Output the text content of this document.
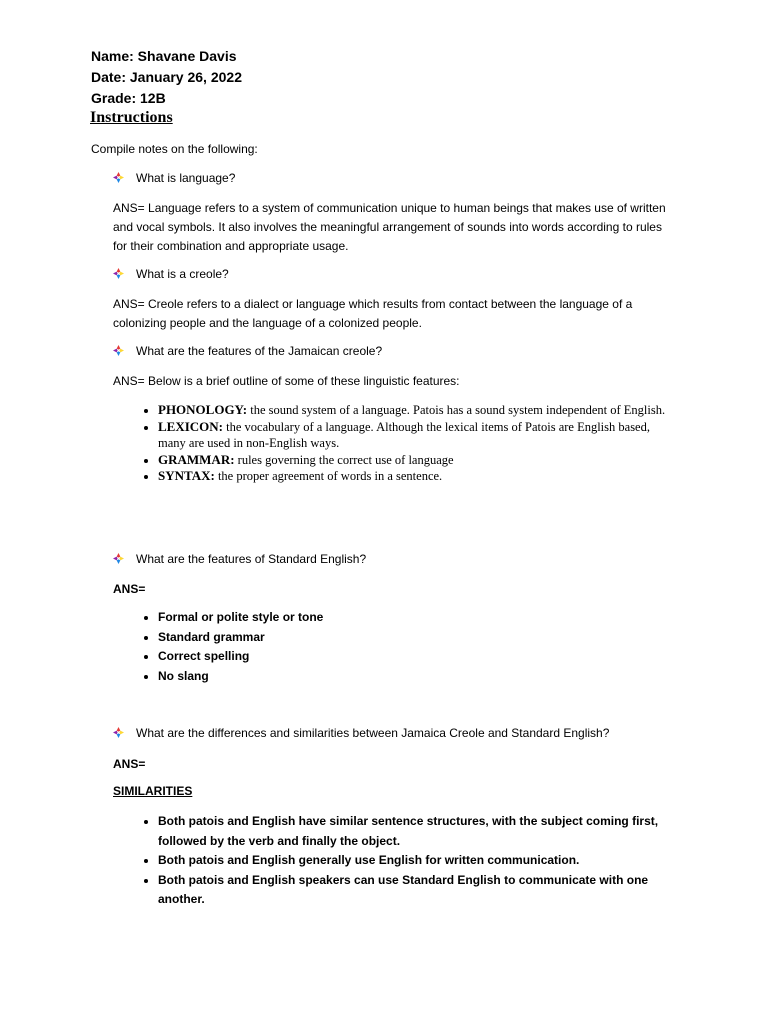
Name: Shavane Davis
Date: January 26, 2022
Grade: 12B
Instructions
Compile notes on the following:
What is language?

ANS= Language refers to a system of communication unique to human beings that makes use of written and vocal symbols. It also involves the meaningful arrangement of sounds into words according to rules for their combination and appropriate usage.

What is a creole?

ANS= Creole refers to a dialect or language which results from contact between the language of a colonizing people and the language of a colonized people.

What are the features of the Jamaican creole?

ANS= Below is a brief outline of some of these linguistic features:

• PHONOLOGY: the sound system of a language. Patois has a sound system independent of English.
• LEXICON: the vocabulary of a language. Although the lexical items of Patois are English based, many are used in non-English ways.
• GRAMMAR: rules governing the correct use of language
• SYNTAX: the proper agreement of words in a sentence.
What are the features of Standard English?
ANS=
• Formal or polite style or tone
• Standard grammar
• Correct spelling
• No slang
What are the differences and similarities between Jamaica Creole and Standard English?
ANS=
SIMILARITIES
• Both patois and English have similar sentence structures, with the subject coming first, followed by the verb and finally the object.
• Both patois and English generally use English for written communication.
• Both patois and English speakers can use Standard English to communicate with one another.
